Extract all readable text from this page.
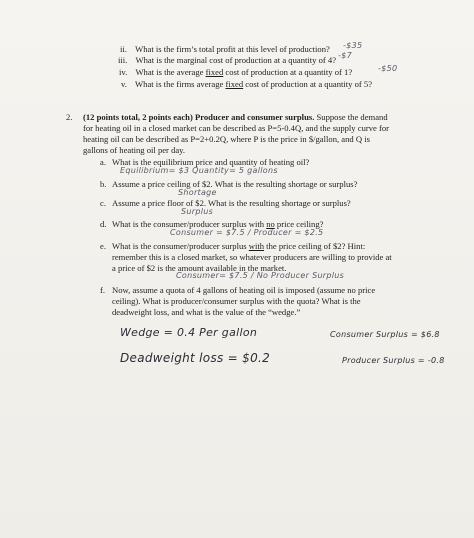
ii. What is the firm’s total profit at this level of production? -$35
iii. What is the marginal cost of production at a quantity of 4? -$7
iv. What is the average fixed cost of production at a quantity of 1?	-$50
v. What is the firms average fixed cost of production at a quantity of 5?
2. (12 points total, 2 points each) Producer and consumer surplus. Suppose the demand
for heating oil in a closed market can be described as P=5-0.4Q, and the supply curve for
heating oil can be described as P=2+0.2Q, where P is the price in $/gallon, and Q is
gallons of heating oil per day.
a. What is the equilibrium price and quantity of heating oil?
Equilibrium= $3 Quantity= 5 gallons
b. Assume a price ceiling of $2. What is the resulting shortage or surplus?
Shortage
c. Assume a price floor of $2. What is the resulting shortage or surplus?
Surplus
d. What is the consumer/producer surplus with no price ceiling?
Consumer = $7.5 / Producer = $2.5
e. What is the consumer/producer surplus with the price ceiling of $2? Hint:
remember this is a closed market, so whatever producers are willing to provide at
a price of $2 is the amount available in the market.
Consumer= $7.5 / No Producer Surplus
f. Now, assume a quota of 4 gallons of heating oil is imposed (assume no price
ceiling). What is producer/consumer surplus with the quota? What is the
deadweight loss, and what is the value of the “wedge.”
Wedge = 0.4 Per gallon	Consumer Surplus = $6.8
Deadweight loss = $0.2	Producer Surplus = -0.8
